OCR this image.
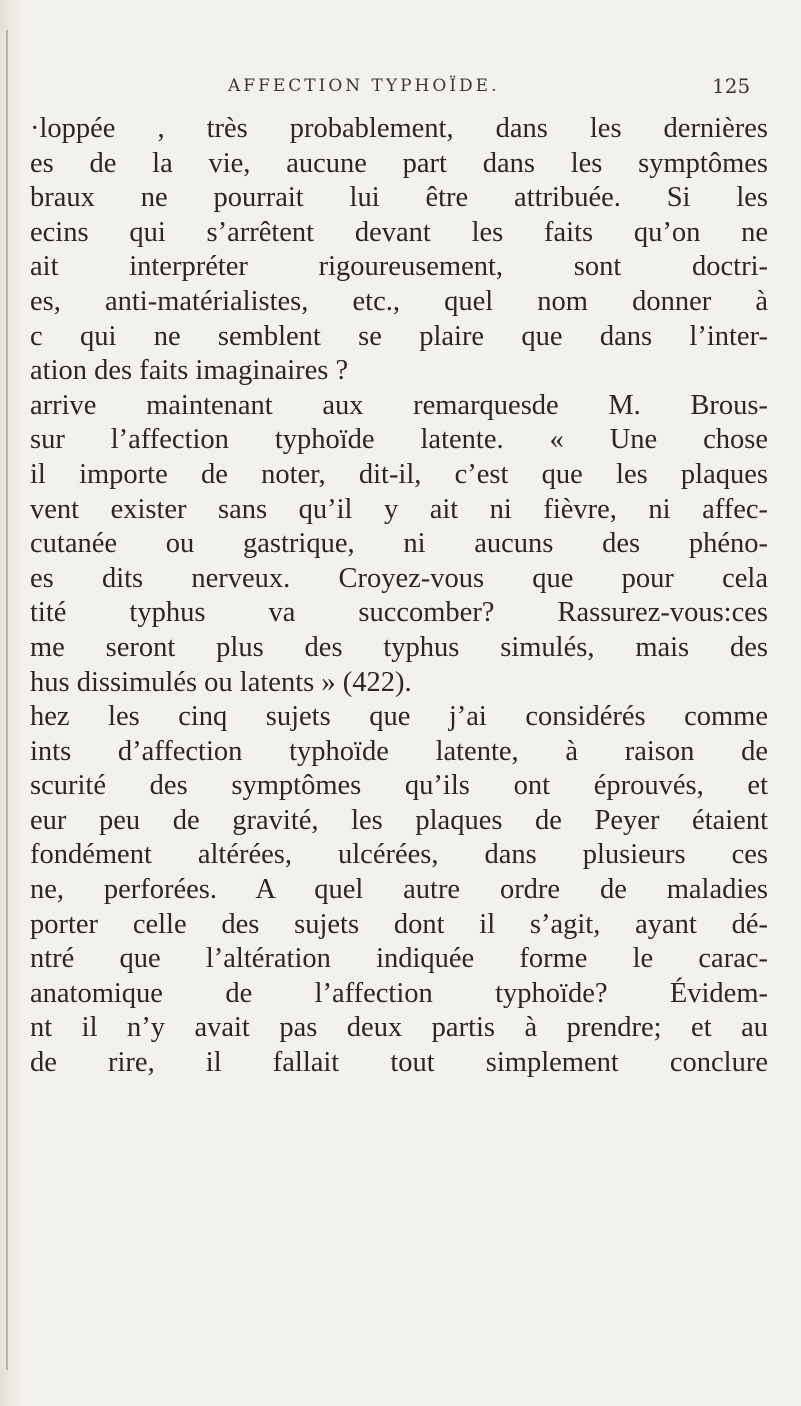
AFFECTION TYPHOÏDE.	125
·loppée , très probablement, dans les dernières
es de la vie, aucune part dans les symptômes
braux ne pourrait lui être attribuée. Si les
ecins qui s’arrêtent devant les faits qu’on ne
ait interpréter rigoureusement, sont doctri-
es, anti-matérialistes, etc., quel nom donner à
c qui ne semblent se plaire que dans l’inter-
ation des faits imaginaires ?
arrive maintenant aux remarquesde M. Brous-
sur l’affection typhoïde latente. « Une chose
il importe de noter, dit-il, c’est que les plaques
vent exister sans qu’il y ait ni fièvre, ni affec-
cutanée ou gastrique, ni aucuns des phéno-
es dits nerveux. Croyez-vous que pour cela
tité typhus va succomber? Rassurez-vous:ces
me seront plus des typhus simulés, mais des
hus dissimulés ou latents » (422).
hez les cinq sujets que j’ai considérés comme
ints d’affection typhoïde latente, à raison de
scurité des symptômes qu’ils ont éprouvés, et
eur peu de gravité, les plaques de Peyer étaient
fondément altérées, ulcérées, dans plusieurs ces
ne, perforées. A quel autre ordre de maladies
porter celle des sujets dont il s’agit, ayant dé-
ntré que l’altération indiquée forme le carac-
anatomique de l’affection typhoïde? Évidem-
nt il n’y avait pas deux partis à prendre; et au
de rire, il fallait tout simplement conclure
